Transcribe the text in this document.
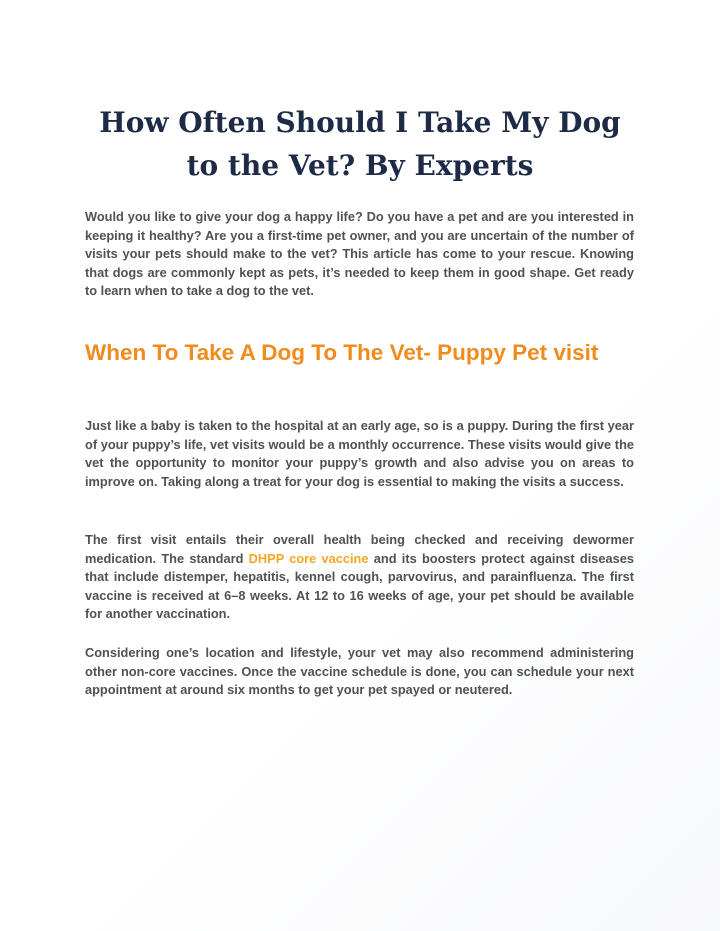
How Often Should I Take My Dog to the Vet? By Experts

Would you like to give your dog a happy life? Do you have a pet and are you interested in keeping it healthy? Are you a first-time pet owner, and you are uncertain of the number of visits your pets should make to the vet? This article has come to your rescue. Knowing that dogs are commonly kept as pets, it’s needed to keep them in good shape. Get ready to learn when to take a dog to the vet.

When To Take A Dog To The Vet- Puppy Pet visit

Just like a baby is taken to the hospital at an early age, so is a puppy. During the first year of your puppy’s life, vet visits would be a monthly occurrence. These visits would give the vet the opportunity to monitor your puppy’s growth and also advise you on areas to improve on. Taking along a treat for your dog is essential to making the visits a success.

The first visit entails their overall health being checked and receiving dewormer medication. The standard DHPP core vaccine and its boosters protect against diseases that include distemper, hepatitis, kennel cough, parvovirus, and parainfluenza. The first vaccine is received at 6–8 weeks. At 12 to 16 weeks of age, your pet should be available for another vaccination.

Considering one’s location and lifestyle, your vet may also recommend administering other non-core vaccines. Once the vaccine schedule is done, you can schedule your next appointment at around six months to get your pet spayed or neutered.
